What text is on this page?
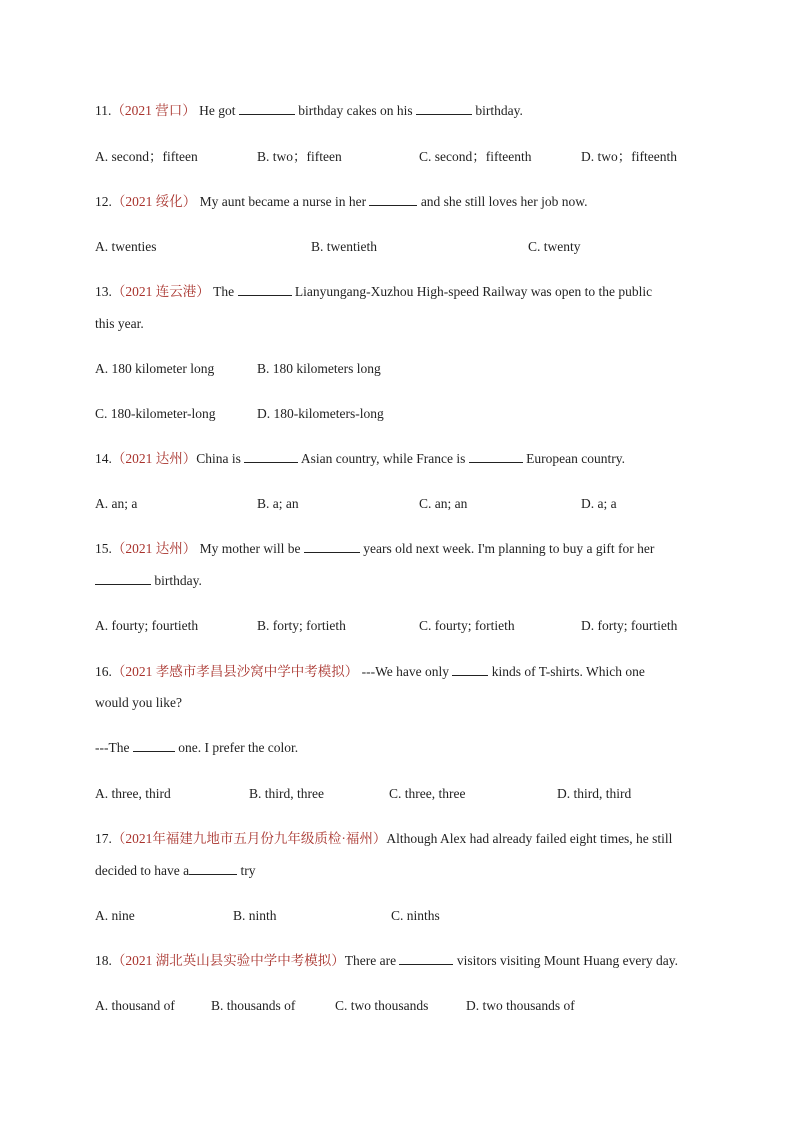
11.（2021 营口） He got	birthday cakes on his	birthday.
A. second；fifteen	B. two；fifteen	C. second；fifteenth	D. two；fifteenth
12.（2021 绥化） My aunt became a nurse in her	and she still loves her job now.
A. twenties	B. twentieth	C. twenty
13.（2021 连云港） The	Lianyungang-Xuzhou High-speed Railway was open to the public
this year.
A. 180 kilometer long	B. 180 kilometers long
C. 180-kilometer-long	D. 180-kilometers-long
14.（2021 达州）China is	Asian country, while France is	European country.
A. an; a	B. a; an	C. an; an	D. a; a
15.（2021 达州） My mother will be	years old next week. I'm planning to buy a gift for her
birthday.
A. fourty; fourtieth	B. forty; fortieth	C. fourty; fortieth	D. forty; fourtieth
16.（2021 孝感市孝昌县沙窝中学中考模拟） ---We have only	kinds of T-shirts. Which one
would you like?
---The	one. I prefer the color.
A. three, third	B. third, three	C. three, three	D. third, third
17.（2021年福建九地市五月份九年级质检·福州）Although Alex had already failed eight times, he still
decided to have a	try
A. nine	B. ninth	C. ninths
18.（2021 湖北英山县实验中学中考模拟）There are	visitors visiting Mount Huang every day.
A. thousand of	B. thousands of	C. two thousands	D. two thousands of
